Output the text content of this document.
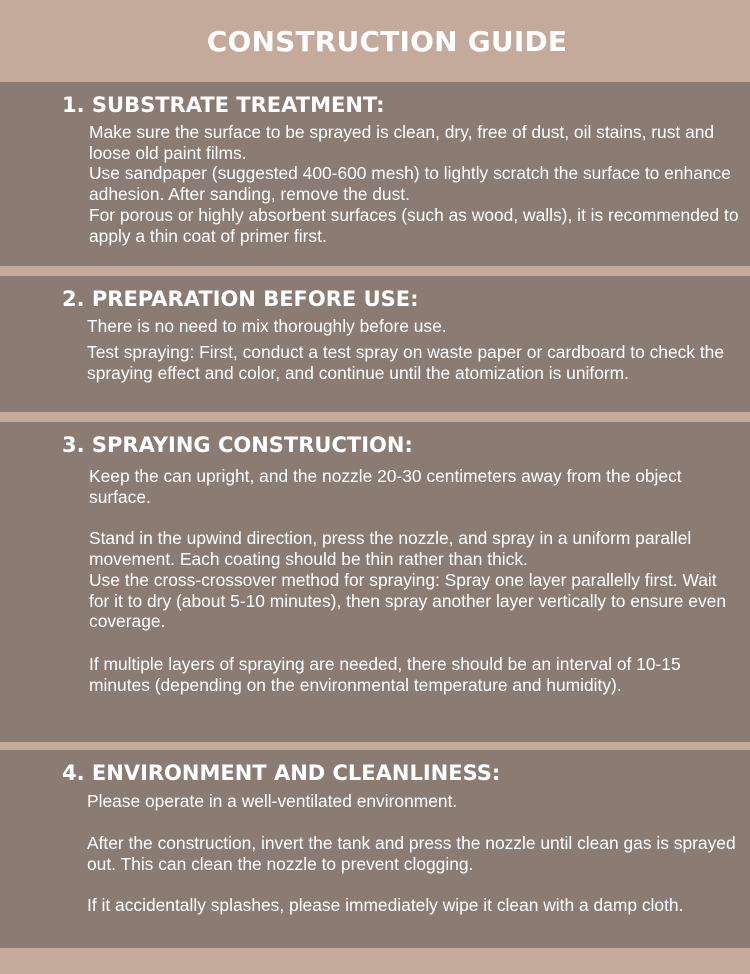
CONSTRUCTION GUIDE
1. SUBSTRATE TREATMENT:

Make sure the surface to be sprayed is clean, dry, free of dust, oil stains, rust and loose old paint films.

Use sandpaper (suggested 400-600 mesh) to lightly scratch the surface to enhance adhesion. After sanding, remove the dust.

For porous or highly absorbent surfaces (such as wood, walls), it is recommended to apply a thin coat of primer first.

2. PREPARATION BEFORE USE:

There is no need to mix thoroughly before use.

Test spraying: First, conduct a test spray on waste paper or cardboard to check the spraying effect and color, and continue until the atomization is uniform.

3. SPRAYING CONSTRUCTION:

Keep the can upright, and the nozzle 20-30 centimeters away from the object surface.

Stand in the upwind direction, press the nozzle, and spray in a uniform parallel movement. Each coating should be thin rather than thick.

Use the cross-crossover method for spraying: Spray one layer parallelly first. Wait for it to dry (about 5-10 minutes), then spray another layer vertically to ensure even coverage.

If multiple layers of spraying are needed, there should be an interval of 10-15 minutes (depending on the environmental temperature and humidity).

4. ENVIRONMENT AND CLEANLINESS:

Please operate in a well-ventilated environment.

After the construction, invert the tank and press the nozzle until clean gas is sprayed out. This can clean the nozzle to prevent clogging.

If it accidentally splashes, please immediately wipe it clean with a damp cloth.
